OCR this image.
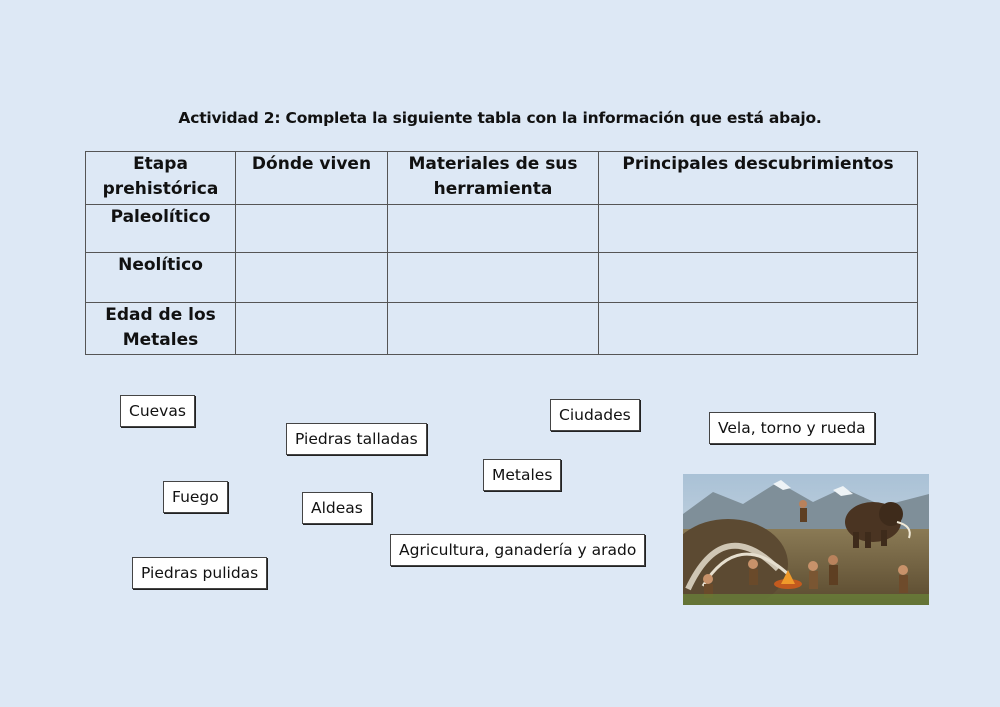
Actividad 2: Completa la siguiente tabla con la información que está abajo.
Etapa prehistórica	Dónde viven	Materiales de sus herramienta	Principales descubrimientos
Paleolítico			
Neolítico			
Edad de los Metales			
Cuevas
Piedras talladas
Ciudades
Vela, torno y rueda
Metales
Fuego
Aldeas
Agricultura, ganadería y arado
Piedras pulidas
